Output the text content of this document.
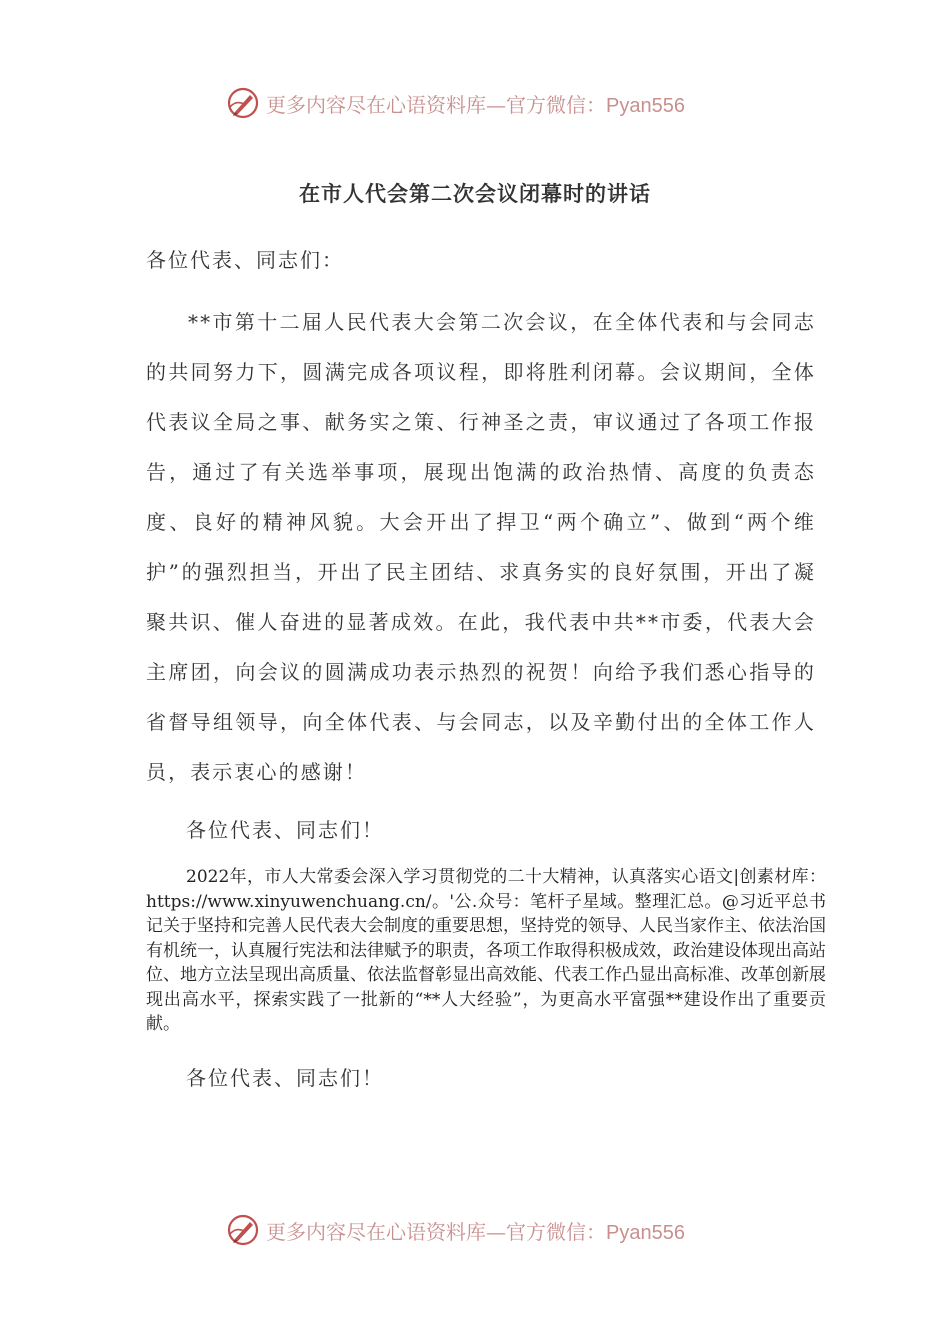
更多内容尽在心语资料库—官方微信：Pyan556
在市人代会第二次会议闭幕时的讲话
各位代表、同志们：
**市第十二届人民代表大会第二次会议，在全体代表和与会同志的共同努力下，圆满完成各项议程，即将胜利闭幕。会议期间，全体代表议全局之事、献务实之策、行神圣之责，审议通过了各项工作报告，通过了有关选举事项，展现出饱满的政治热情、高度的负责态度、良好的精神风貌。大会开出了捍卫“两个确立”、做到“两个维护”的强烈担当，开出了民主团结、求真务实的良好氛围，开出了凝聚共识、催人奋进的显著成效。在此，我代表中共**市委，代表大会主席团，向会议的圆满成功表示热烈的祝贺！向给予我们悉心指导的省督导组领导，向全体代表、与会同志，以及辛勤付出的全体工作人员，表示衷心的感谢！
各位代表、同志们！
2022年，市人大常委会深入学习贯彻党的二十大精神，认真落实心语文|创素材库：https://www.xinyuwenchuang.cn/。'公.众号：笔杆子星域。整理汇总。@习近平总书记关于坚持和完善人民代表大会制度的重要思想，坚持党的领导、人民当家作主、依法治国有机统一，认真履行宪法和法律赋予的职责，各项工作取得积极成效，政治建设体现出高站位、地方立法呈现出高质量、依法监督彰显出高效能、代表工作凸显出高标准、改革创新展现出高水平，探索实践了一批新的“**人大经验”，为更高水平富强**建设作出了重要贡献。
各位代表、同志们！
更多内容尽在心语资料库—官方微信：Pyan556
